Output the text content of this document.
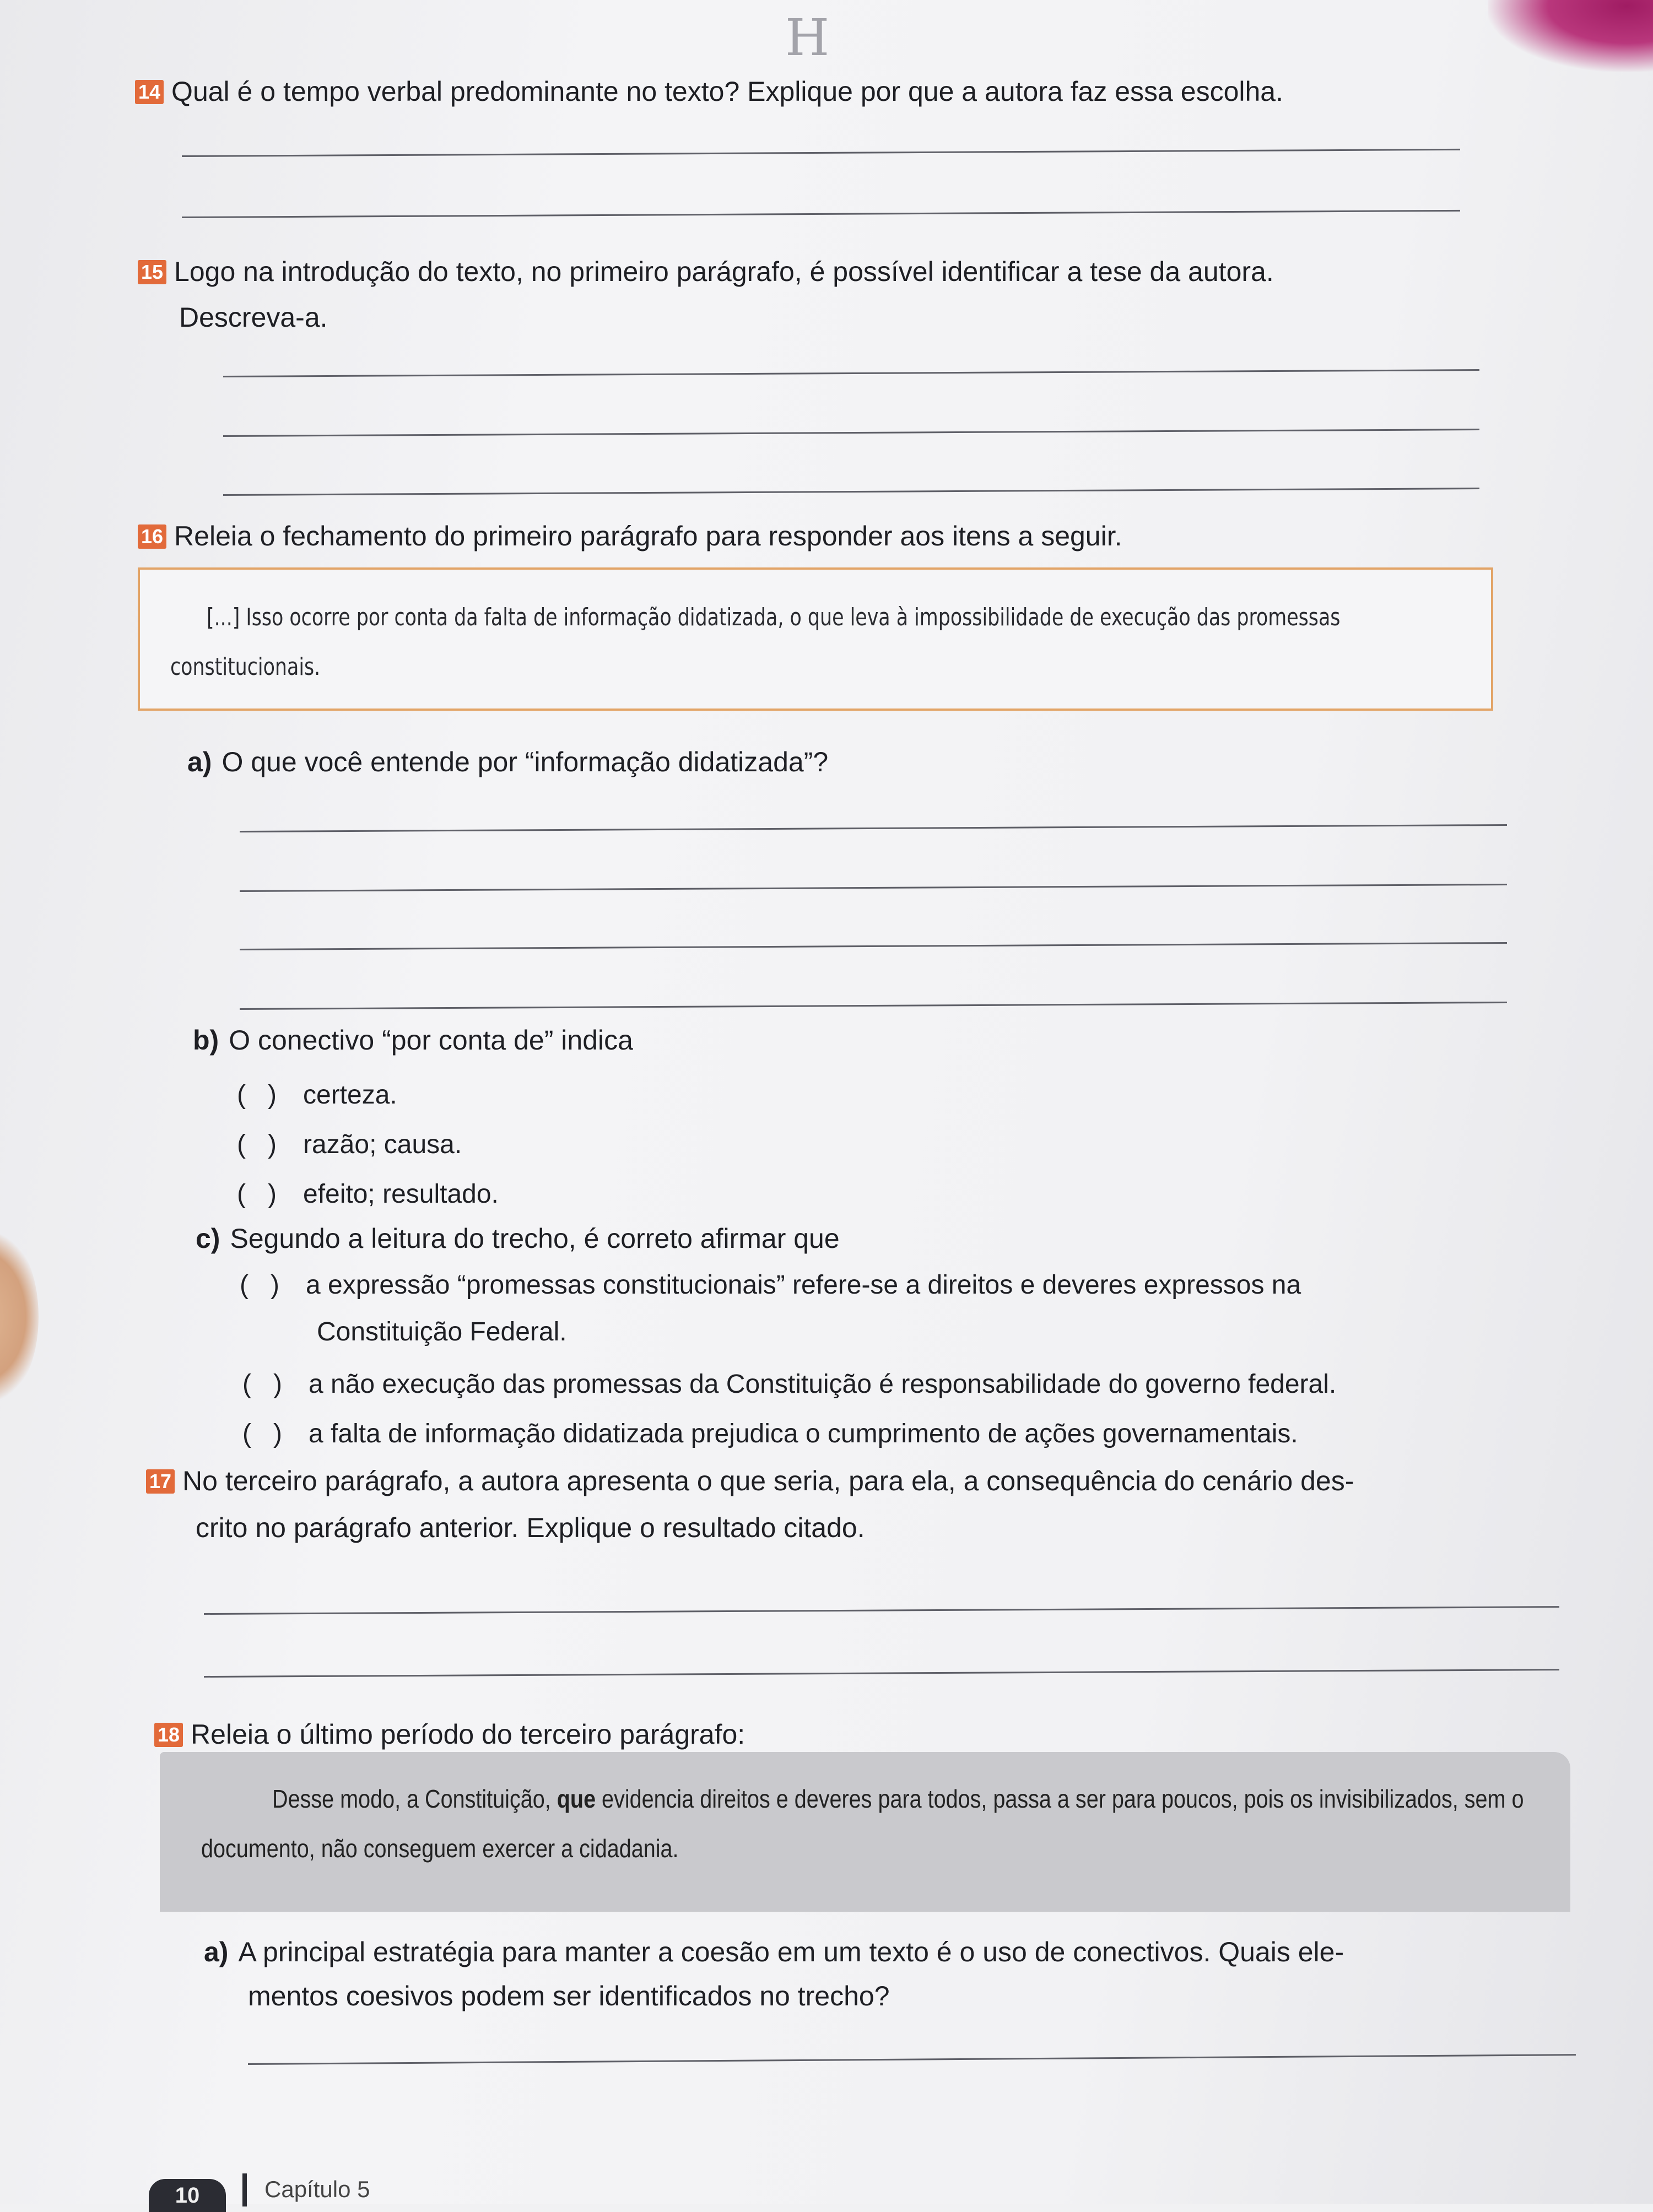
H
14 Qual é o tempo verbal predominante no texto? Explique por que a autora faz essa escolha.
15 Logo na introdução do texto, no primeiro parágrafo, é possível identificar a tese da autora.
Descreva-a.
16 Releia o fechamento do primeiro parágrafo para responder aos itens a seguir.
[...] Isso ocorre por conta da falta de informação didatizada, o que leva à impossibilidade de execução das promessas constitucionais.
a) O que você entende por “informação didatizada”?
b) O conectivo “por conta de” indica
( ) certeza.
( ) razão; causa.
( ) efeito; resultado.
c) Segundo a leitura do trecho, é correto afirmar que
( ) a expressão “promessas constitucionais” refere-se a direitos e deveres expressos na
Constituição Federal.
( ) a não execução das promessas da Constituição é responsabilidade do governo federal.
( ) a falta de informação didatizada prejudica o cumprimento de ações governamentais.
17 No terceiro parágrafo, a autora apresenta o que seria, para ela, a consequência do cenário des-
crito no parágrafo anterior. Explique o resultado citado.
18 Releia o último período do terceiro parágrafo:
Desse modo, a Constituição, que evidencia direitos e deveres para todos, passa a ser para poucos, pois os invisibilizados, sem o documento, não conseguem exercer a cidadania.
a) A principal estratégia para manter a coesão em um texto é o uso de conectivos. Quais ele-
mentos coesivos podem ser identificados no trecho?
10	Capítulo 5
